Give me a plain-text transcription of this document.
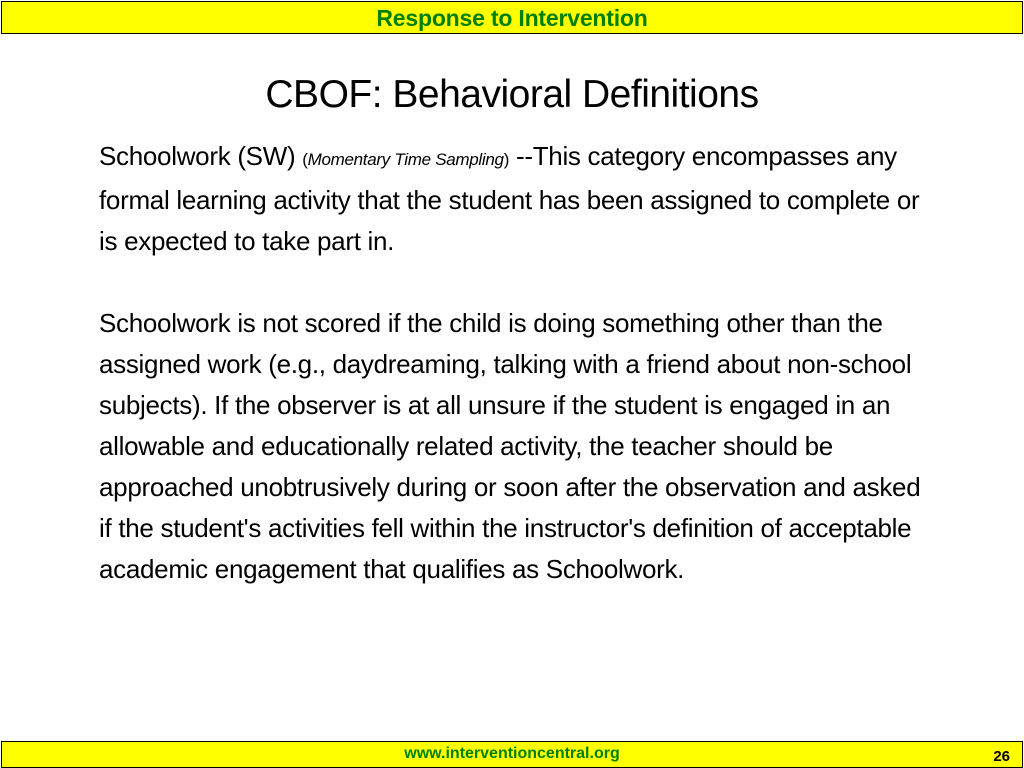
Response to Intervention
CBOF: Behavioral Definitions

Schoolwork (SW) (Momentary Time Sampling) --This category encompasses any formal learning activity that the student has been assigned to complete or is expected to take part in.

Schoolwork is not scored if the child is doing something other than the assigned work (e.g., daydreaming, talking with a friend about non-school subjects). If the observer is at all unsure if the student is engaged in an allowable and educationally related activity, the teacher should be approached unobtrusively during or soon after the observation and asked if the student's activities fell within the instructor's definition of acceptable academic engagement that qualifies as Schoolwork.

www.interventioncentral.org	26
